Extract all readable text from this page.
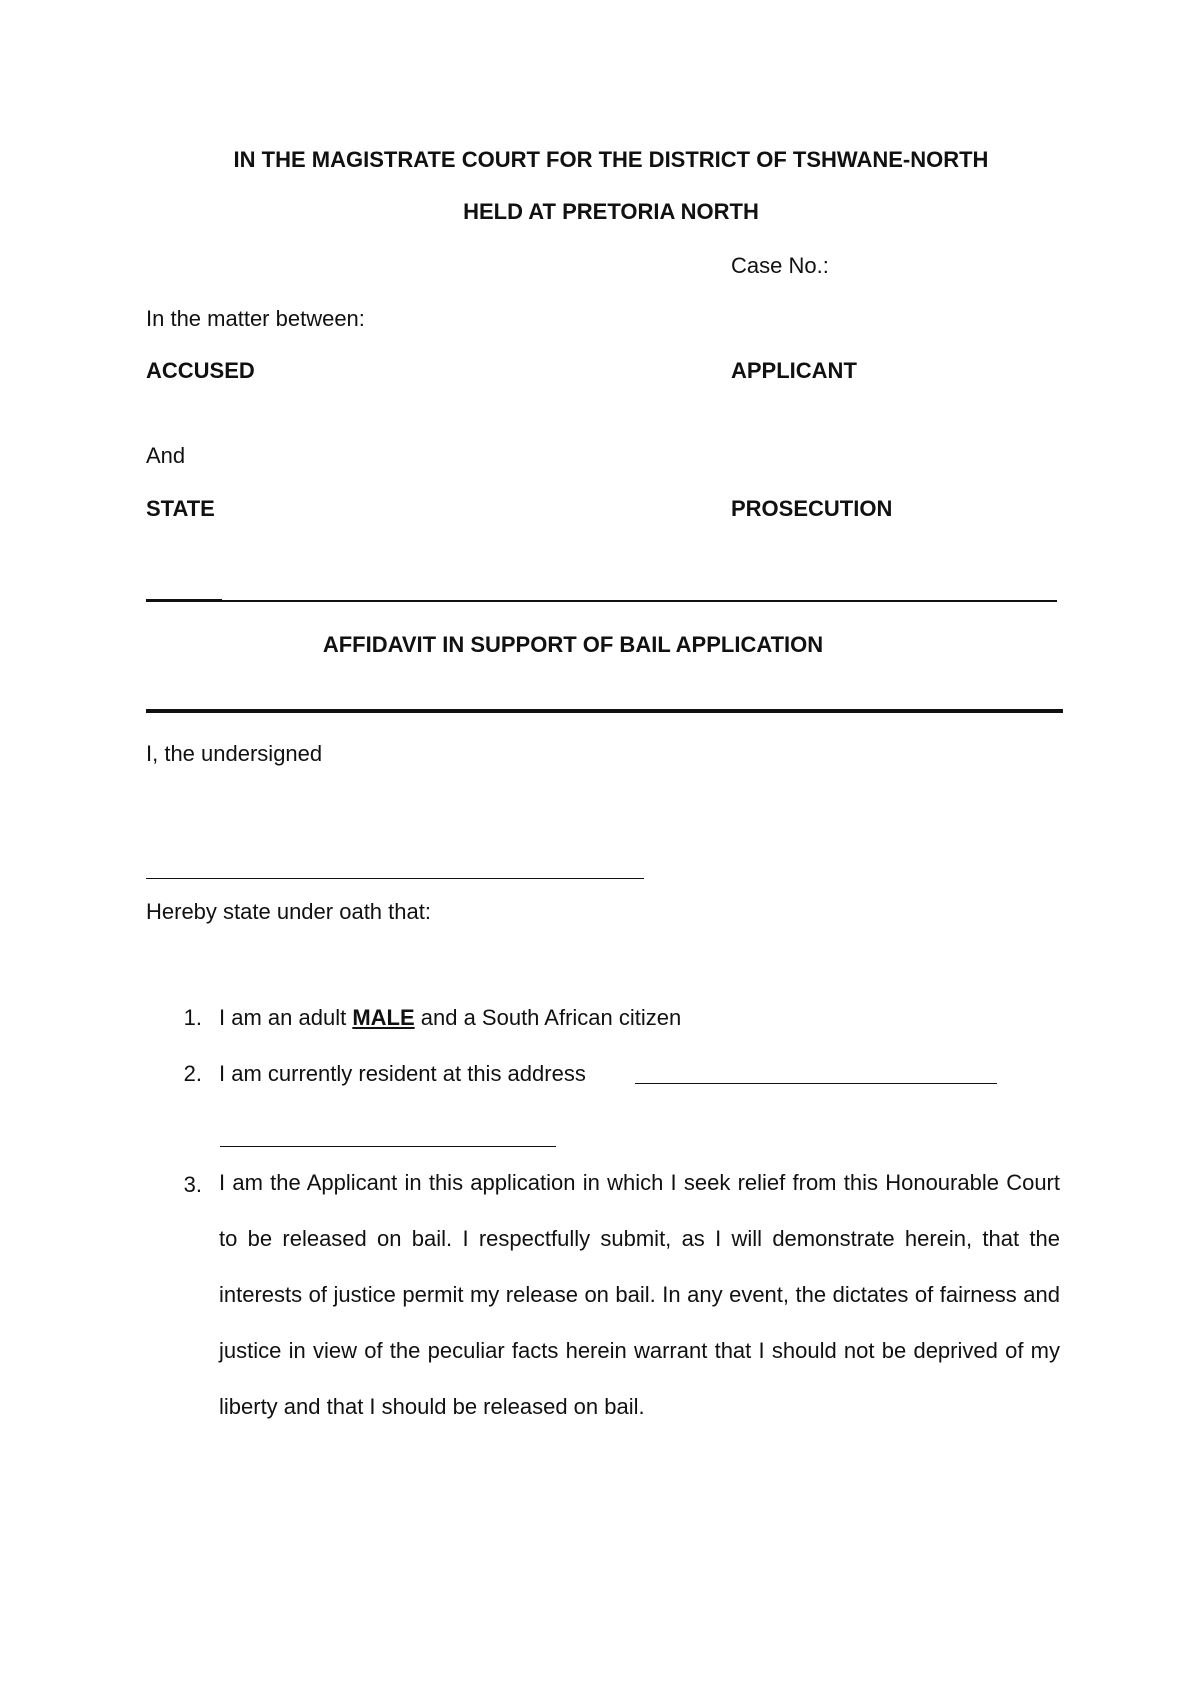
IN THE MAGISTRATE COURT FOR THE DISTRICT OF TSHWANE-NORTH
HELD AT PRETORIA NORTH
Case No.:
In the matter between:
ACCUSED	APPLICANT
And
STATE	PROSECUTION
AFFIDAVIT IN SUPPORT OF BAIL APPLICATION
I, the undersigned
Hereby state under oath that:
1. I am an adult MALE and a South African citizen
2. I am currently resident at this address
3. I am the Applicant in this application in which I seek relief from this Honourable Court to be released on bail. I respectfully submit, as I will demonstrate herein, that the interests of justice permit my release on bail. In any event, the dictates of fairness and justice in view of the peculiar facts herein warrant that I should not be deprived of my liberty and that I should be released on bail.
